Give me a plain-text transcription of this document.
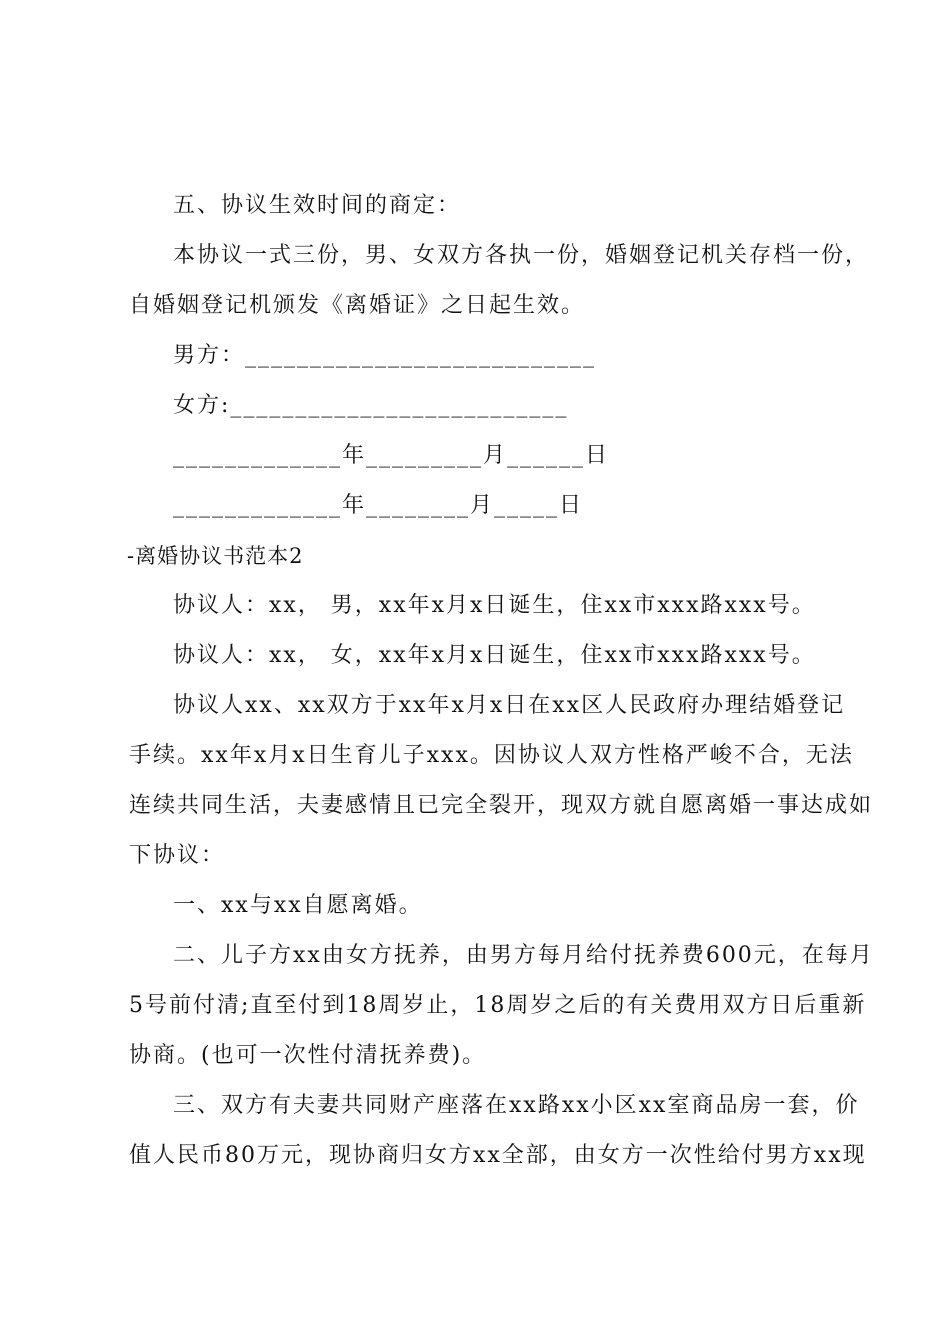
五、协议生效时间的商定：
本协议一式三份，男、女双方各执一份，婚姻登记机关存档一份，
自婚姻登记机颁发《离婚证》之日起生效。
男方：___________________________
女方:__________________________
_____________年_________月______日
_____________年________月_____日
-离婚协议书范本2
协议人：xx， 男，xx年x月x日诞生，住xx市xxx路xxx号。
协议人：xx， 女，xx年x月x日诞生，住xx市xxx路xxx号。
协议人xx、xx双方于xx年x月x日在xx区人民政府办理结婚登记
手续。xx年x月x日生育儿子xxx。因协议人双方性格严峻不合，无法
连续共同生活，夫妻感情且已完全裂开，现双方就自愿离婚一事达成如
下协议：
一、xx与xx自愿离婚。
二、儿子方xx由女方抚养，由男方每月给付抚养费600元，在每月
5号前付清;直至付到18周岁止，18周岁之后的有关费用双方日后重新
协商。(也可一次性付清抚养费)。
三、双方有夫妻共同财产座落在xx路xx小区xx室商品房一套，价
值人民币80万元，现协商归女方xx全部，由女方一次性给付男方xx现
